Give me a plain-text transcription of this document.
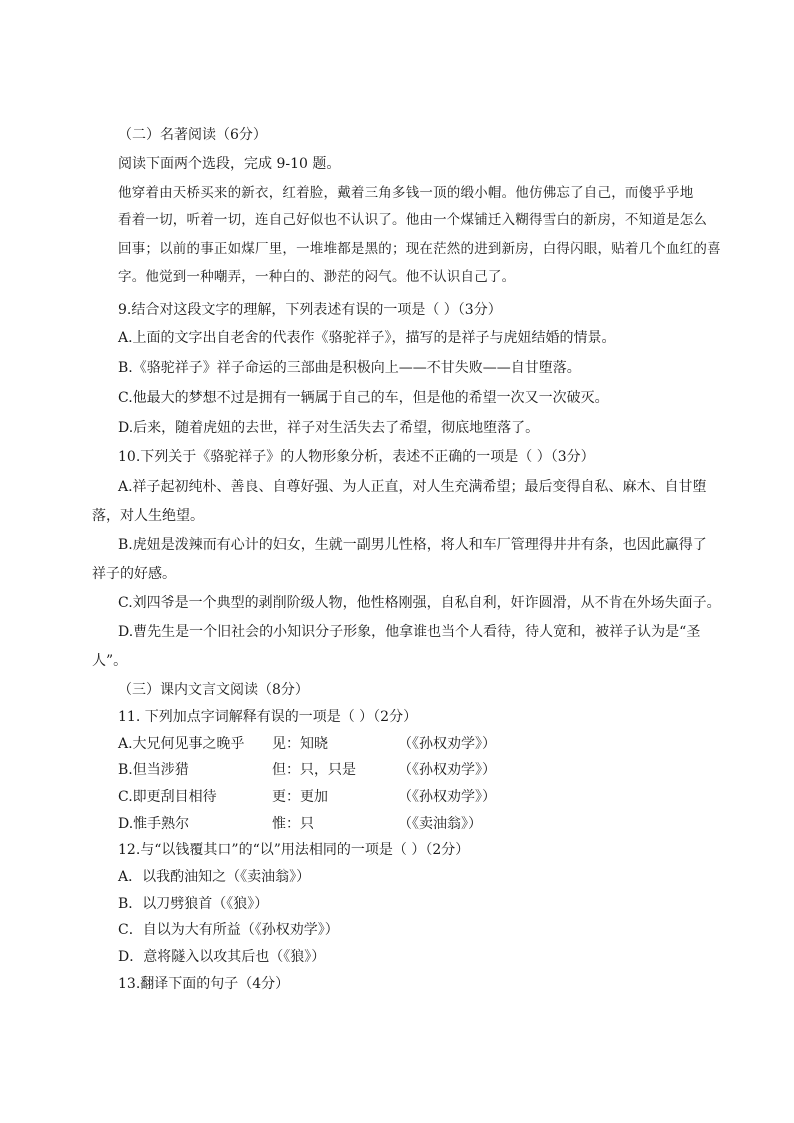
（二）名著阅读（6分）
阅读下面两个选段，完成 9-10 题。
他穿着由天桥买来的新衣，红着脸，戴着三角多钱一顶的缎小帽。他仿佛忘了自己，而傻乎乎地
看着一切，听着一切，连自己好似也不认识了。他由一个煤铺迁入糊得雪白的新房，不知道是怎么
回事；以前的事正如煤厂里，一堆堆都是黑的；现在茫然的进到新房，白得闪眼，贴着几个血红的喜
字。他觉到一种嘲弄，一种白的、渺茫的闷气。他不认识自己了。
9.结合对这段文字的理解，下列表述有误的一项是（ ）（3分）
A.上面的文字出自老舍的代表作《骆驼祥子》，描写的是祥子与虎妞结婚的情景。
B.《骆驼祥子》祥子命运的三部曲是积极向上——不甘失败——自甘堕落。
C.他最大的梦想不过是拥有一辆属于自己的车，但是他的希望一次又一次破灭。
D.后来，随着虎妞的去世，祥子对生活失去了希望，彻底地堕落了。
10.下列关于《骆驼祥子》的人物形象分析，表述不正确的一项是（ ）（3分）
A.祥子起初纯朴、善良、自尊好强、为人正直，对人生充满希望；最后变得自私、麻木、自甘堕
落，对人生绝望。
B.虎妞是泼辣而有心计的妇女，生就一副男儿性格，将人和车厂管理得井井有条，也因此赢得了
祥子的好感。
C.刘四爷是一个典型的剥削阶级人物，他性格刚强，自私自利，奸诈圆滑，从不肯在外场失面子。
D.曹先生是一个旧社会的小知识分子形象，他拿谁也当个人看待，待人宽和，被祥子认为是“圣
人”。
（三）课内文言文阅读（8分）
11. 下列加点字词解释有误的一项是（ ）（2分）
A.大兄何见事之晚乎 见：知晓	（《孙权劝学》）
B.但当涉猎	但：只，只是	（《孙权劝学》）
C.即更刮目相待	更：更加	（《孙权劝学》）
D.惟手熟尔	惟：只	（《卖油翁》）
12.与“以钱覆其口”的“以”用法相同的一项是（ ）（2分）
A．以我酌油知之（《卖油翁》）
B．以刀劈狼首（《狼》）
C．自以为大有所益（《孙权劝学》）
D．意将隧入以攻其后也（《狼》）
13.翻译下面的句子（4分）
